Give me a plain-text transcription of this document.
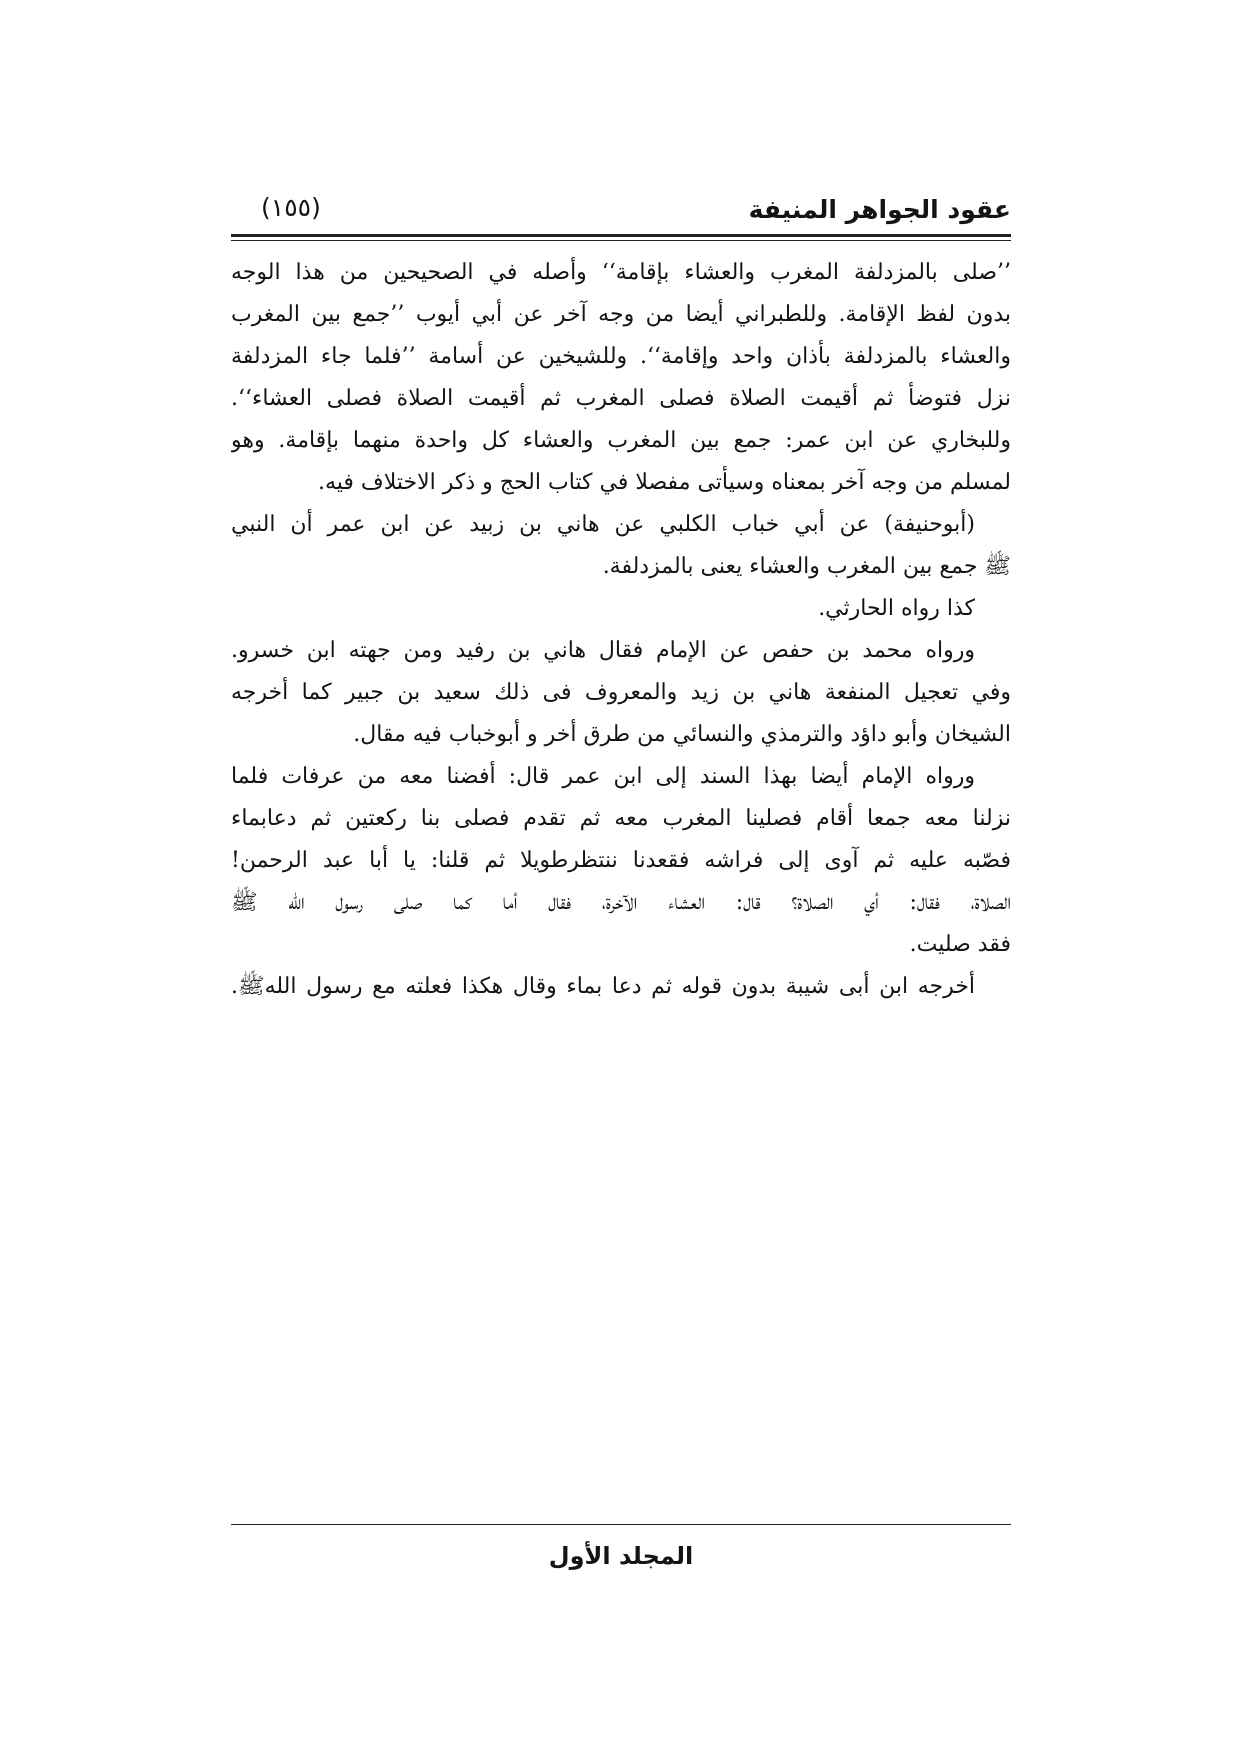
عقود الجواهر المنيفة
(١٥٥)
’’صلى بالمزدلفة المغرب والعشاء بإقامة‘‘ وأصله في الصحيحين من هذا الوجه
بدون لفظ الإقامة. وللطبراني أيضا من وجه آخر عن أبي أيوب ’’جمع بين المغرب
والعشاء بالمزدلفة بأذان واحد وإقامة‘‘. وللشيخين عن أسامة ’’فلما جاء المزدلفة
نزل فتوضأ ثم أقيمت الصلاة فصلى المغرب ثم أقيمت الصلاة فصلى العشاء‘‘.
وللبخاري عن ابن عمر: جمع بين المغرب والعشاء كل واحدة منهما بإقامة. وهو
لمسلم من وجه آخر بمعناه وسيأتى مفصلا في كتاب الحج و ذكر الاختلاف فيه.
(أبوحنيفة) عن أبي خباب الكلبي عن هاني بن زبيد عن ابن عمر أن النبي
ﷺ جمع بين المغرب والعشاء يعنى بالمزدلفة.
كذا رواه الحارثي.
ورواه محمد بن حفص عن الإمام فقال هاني بن رفيد ومن جهته ابن خسرو.
وفي تعجيل المنفعة هاني بن زيد والمعروف فى ذلك سعيد بن جبير كما أخرجه
الشيخان وأبو داؤد والترمذي والنسائي من طرق أخر و أبوخباب فيه مقال.
ورواه الإمام أيضا بهذا السند إلى ابن عمر قال: أفضنا معه من عرفات فلما
نزلنا معه جمعا أقام فصلينا المغرب معه ثم تقدم فصلى بنا ركعتين ثم دعابماء
فصّبه عليه ثم آوى إلى فراشه فقعدنا ننتظرطويلا ثم قلنا: يا أبا عبد الرحمن!
الصلاة، فقال: أي الصلاة؟ قال: العشاء الآخرة، فقال أما كما صلى رسول الله ﷺ
فقد صليت.
أخرجه ابن أبى شيبة بدون قوله ثم دعا بماء وقال هكذا فعلته مع رسول اللهﷺ.
المجلد الأول
